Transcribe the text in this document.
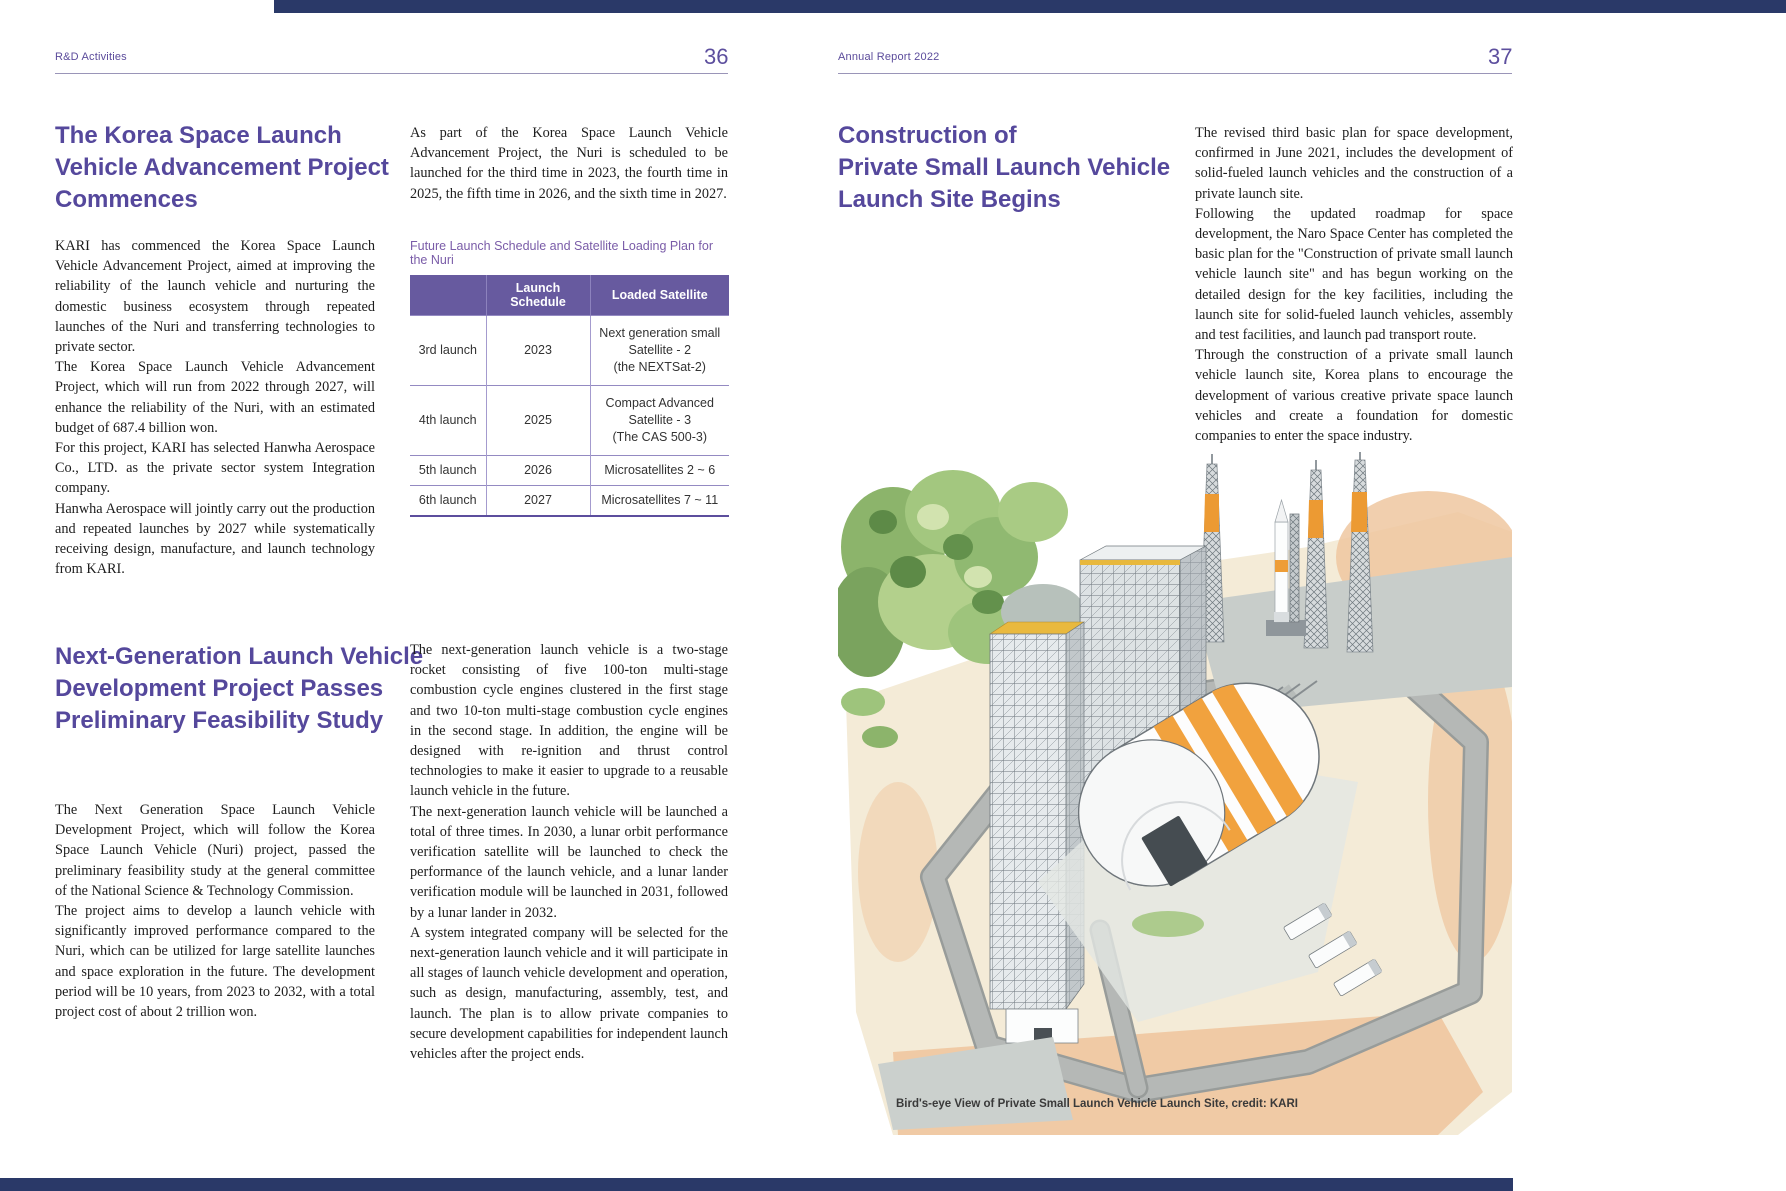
R&D Activities	36
The Korea Space Launch
Vehicle Advancement Project
Commences

KARI has commenced the Korea Space Launch Vehicle Advancement Project, aimed at improving the reliability of the launch vehicle and nurturing the domestic business ecosystem through repeated launches of the Nuri and transferring technologies to private sector.

The Korea Space Launch Vehicle Advancement Project, which will run from 2022 through 2027, will enhance the reliability of the Nuri, with an estimated budget of 687.4 billion won.

For this project, KARI has selected Hanwha Aerospace Co., LTD. as the private sector system Integration company.

Hanwha Aerospace will jointly carry out the production and repeated launches by 2027 while systematically receiving design, manufacture, and launch technology from KARI.

As part of the Korea Space Launch Vehicle Advancement Project, the Nuri is scheduled to be launched for the third time in 2023, the fourth time in 2025, the fifth time in 2026, and the sixth time in 2027.

Future Launch Schedule and Satellite Loading Plan for the Nuri
	Launch Schedule	Loaded Satellite
3rd launch	2023	Next generation small
Satellite - 2
(the NEXTSat-2)
4th launch	2025	Compact Advanced
Satellite - 3
(The CAS 500-3)
5th launch	2026	Microsatellites 2 ~ 6
6th launch	2027	Microsatellites 7 ~ 11
Next-Generation Launch Vehicle
Development Project Passes
Preliminary Feasibility Study

The Next Generation Space Launch Vehicle Development Project, which will follow the Korea Space Launch Vehicle (Nuri) project, passed the preliminary feasibility study at the general committee of the National Science & Technology Commission.

The project aims to develop a launch vehicle with significantly improved performance compared to the Nuri, which can be utilized for large satellite launches and space exploration in the future. The development period will be 10 years, from 2023 to 2032, with a total project cost of about 2 trillion won.

The next-generation launch vehicle is a two-stage rocket consisting of five 100-ton multi-stage combustion cycle engines clustered in the first stage and two 10-ton multi-stage combustion cycle engines in the second stage. In addition, the engine will be designed with re-ignition and thrust control technologies to make it easier to upgrade to a reusable launch vehicle in the future.

The next-generation launch vehicle will be launched a total of three times. In 2030, a lunar orbit performance verification satellite will be launched to check the performance of the launch vehicle, and a lunar lander verification module will be launched in 2031, followed by a lunar lander in 2032.

A system integrated company will be selected for the next-generation launch vehicle and it will participate in all stages of launch vehicle development and operation, such as design, manufacturing, assembly, test, and launch. The plan is to allow private companies to secure development capabilities for independent launch vehicles after the project ends.

Annual Report 2022	37
Construction of
Private Small Launch Vehicle
Launch Site Begins

The revised third basic plan for space development, confirmed in June 2021, includes the development of solid-fueled launch vehicles and the construction of a private launch site.

Following the updated roadmap for space development, the Naro Space Center has completed the basic plan for the "Construction of private small launch vehicle launch site" and has begun working on the detailed design for the key facilities, including the launch site for solid-fueled launch vehicles, assembly and test facilities, and launch pad transport route.

Through the construction of a private small launch vehicle launch site, Korea plans to encourage the development of various creative private space launch vehicles and create a foundation for domestic companies to enter the space industry.

Bird's-eye View of Private Small Launch Vehicle Launch Site, credit: KARI
